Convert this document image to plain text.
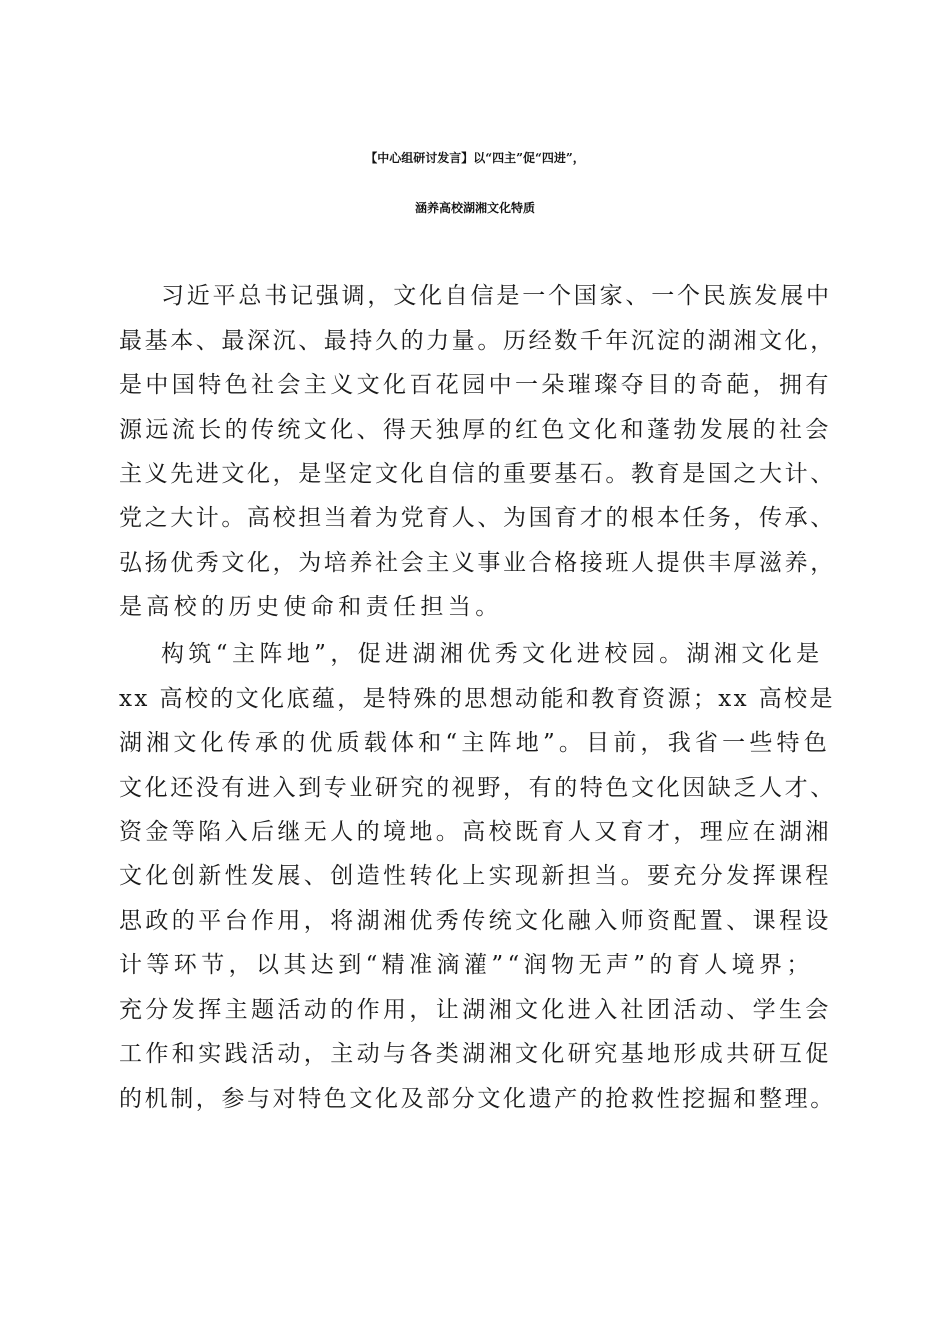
【中心组研讨发言】以“四主”促“四进”，
涵养高校湖湘文化特质
习近平总书记强调，文化自信是一个国家、一个民族发展中
最基本、最深沉、最持久的力量。历经数千年沉淀的湖湘文化，
是中国特色社会主义文化百花园中一朵璀璨夺目的奇葩，拥有
源远流长的传统文化、得天独厚的红色文化和蓬勃发展的社会
主义先进文化，是坚定文化自信的重要基石。教育是国之大计、
党之大计。高校担当着为党育人、为国育才的根本任务，传承、
弘扬优秀文化，为培养社会主义事业合格接班人提供丰厚滋养，
是高校的历史使命和责任担当。
构筑“主阵地”，促进湖湘优秀文化进校园。湖湘文化是
xx 高校的文化底蕴，是特殊的思想动能和教育资源；xx 高校是
湖湘文化传承的优质载体和“主阵地”。目前，我省一些特色
文化还没有进入到专业研究的视野，有的特色文化因缺乏人才、
资金等陷入后继无人的境地。高校既育人又育才，理应在湖湘
文化创新性发展、创造性转化上实现新担当。要充分发挥课程
思政的平台作用，将湖湘优秀传统文化融入师资配置、课程设
计等环节，以其达到“精准滴灌”“润物无声”的育人境界；
充分发挥主题活动的作用，让湖湘文化进入社团活动、学生会
工作和实践活动，主动与各类湖湘文化研究基地形成共研互促
的机制，参与对特色文化及部分文化遗产的抢救性挖掘和整理。
